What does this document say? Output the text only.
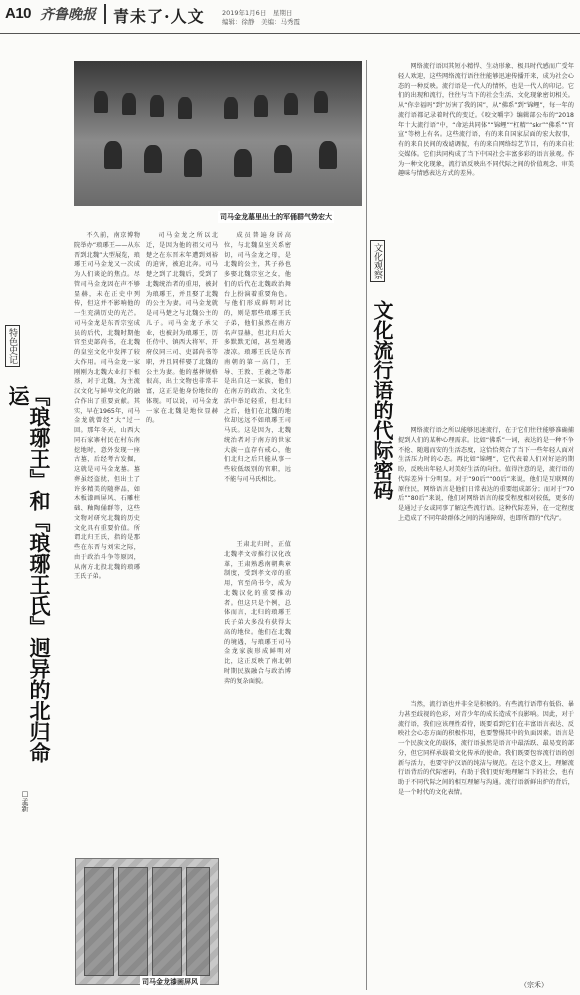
A10 齐鲁晚报 青未了·人文	2019年1月6日　星期日
编辑：徐静　美编：马秀霞
司马金龙墓里出土的军俑群气势宏大
特色史记
『琅琊王』和『琅琊王氏』迥异的北归命运
□孟新

不久前，南京博物院举办“琅琊王——从东晋到北魏”大型展览，琅琊王司马金龙又一次成为人们谈论的焦点。尽管司马金龙因在声不够显赫，未在正史中列传，但这并不影响他的一生充满历史的光芒。司马金龙是东晋宗室成员的后代，北魏时期他官至吏部尚书，在北魏的皇室文化中发挥了较大作用。司马金龙一家刚刚为北魏大业打下根基，对于北魏，为主流汉文化与鲜卑文化的融合作出了重要贡献。其实，早在1965年，司马金龙就曾经“大”过一回。那年冬天，山西大同石家寨村民在村东南挖地时，意外发现一座古墓，后经考古发掘，这就是司马金龙墓。墓葬虽经盗扰，但出土了许多精美的随葬品，如木板漆画屏风、石雕柱础、釉陶俑群等，这些文物对研究北魏的历史文化具有重要价值。所谓北归王氏，指的是那些在东晋与刘宋之际，由于政治斗争等原因，从南方北投北魏的琅琊王氏子弟。

司马金龙之所以北迁，是因为他的祖父司马楚之在东晋末年遭到刘裕的迫害，被迫北奔。司马楚之到了北魏后，受到了北魏统治者的重用，被封为琅琊王，并且娶了北魏的公主为妻。司马金龙就是司马楚之与北魏公主的儿子。司马金龙子承父业，也被封为琅琊王，历任侍中、镇西大将军、开府仪同三司、吏部尚书等职，并且同样娶了北魏的公主为妻。他的墓葬规格很高，出土文物也非常丰富，这正是他身份地位的体现。可以说，司马金龙一家在北魏是地位显赫的。

成员普遍身居高位，与北魏皇室关系密切，司马金龙之母，是北魏的公主，其子孙也多娶北魏宗室之女，他们的后代在北魏政治舞台上扮演着重要角色。与他们形成鲜明对比的，则是那些琅琊王氏子弟，他们虽然在南方名声显赫，但北归后大多默默无闻，甚至境遇凄凉。琅琊王氏是东晋南朝的第一高门，王导、王敦、王羲之等都是出自这一家族，他们在南方的政治、文化生活中举足轻重，但北归之后，他们在北魏的地位却远远不如琅琊王司马氏。这是因为，北魏统治者对于南方的世家大族一直存有戒心，他们北归之后只能从事一些较低级别的官职，远不能与司马氏相比。

王肃北归时，正值北魏孝文帝推行汉化改革，王肃熟悉南朝典章制度，受到孝文帝的重用，官至尚书令，成为北魏汉化的重要推动者。但这只是个例，总体而言，北归的琅琊王氏子弟大多没有获得太高的地位。他们在北魏的境遇，与琅琊王司马金龙家族形成鲜明对比，这正反映了南北朝时期民族融合与政治博弈的复杂面貌。

司马金龙漆画屏风
文化观察
文化流行语的代际密码

网络流行语因其短小精悍、生动形象、极具时代感而广受年轻人欢迎，这些网络流行语往往能够迅速传播开来，成为社会心态的一种反映。流行语是一代人的情怀，也是一代人的印记。它们的出现和流行，往往与当下的社会生活、文化现象密切相关。从“你幸福吗”到“厉害了我的国”，从“佛系”到“锦鲤”，每一年的流行语都记录着时代的变迁。《咬文嚼字》编辑部公布的“2018年十大流行语”中，“命运共同体”“锦鲤”“杠精”“skr”“佛系”“官宣”等榜上有名。这些流行语，有的来自国家层面的宏大叙事，有的来自民间的戏谑调侃，有的来自网络综艺节目，有的来自社交媒体。它们共同构成了当下中国社会丰富多彩的语言景观。作为一种文化现象，流行语反映出不同代际之间的价值观念、审美趣味与情感表达方式的差异。

网络流行语之所以能够迅速流行，在于它们往往能够准确捕捉到人们的某种心理需求。比如“佛系”一词，表达的是一种不争不抢、随遇而安的生活态度，这恰恰契合了当下一些年轻人面对生活压力时的心态。再比如“锦鲤”，它代表着人们对好运的期盼，反映出年轻人对美好生活的向往。值得注意的是，流行语的代际差异十分明显。对于“90后”“00后”来说，他们是互联网的原住民，网络语言是他们日常表达的重要组成部分；而对于“70后”“80后”来说，他们对网络语言的接受程度相对较低，更多的是通过子女或同事了解这些流行语。这种代际差异，在一定程度上造成了不同年龄群体之间的沟通障碍，也即所谓的“代沟”。

当然，流行语也并非全是积极的。有些流行语带有低俗、暴力甚至歧视的色彩，对青少年的成长造成不良影响。因此，对于流行语，我们应该理性看待，既要看到它们在丰富语言表达、反映社会心态方面的积极作用，也要警惕其中的负面因素。语言是一个民族文化的载体，流行语虽然是语言中最活跃、最易变的部分，但它同样承载着文化传承的使命。我们既要包容流行语的创新与活力，也要守护汉语的纯洁与规范。在这个意义上，理解流行语背后的代际密码，有助于我们更好地理解当下的社会，也有助于不同代际之间的相互理解与沟通。流行语新鲜出炉的背后，是一个时代的文化表情。

（宗禾）
